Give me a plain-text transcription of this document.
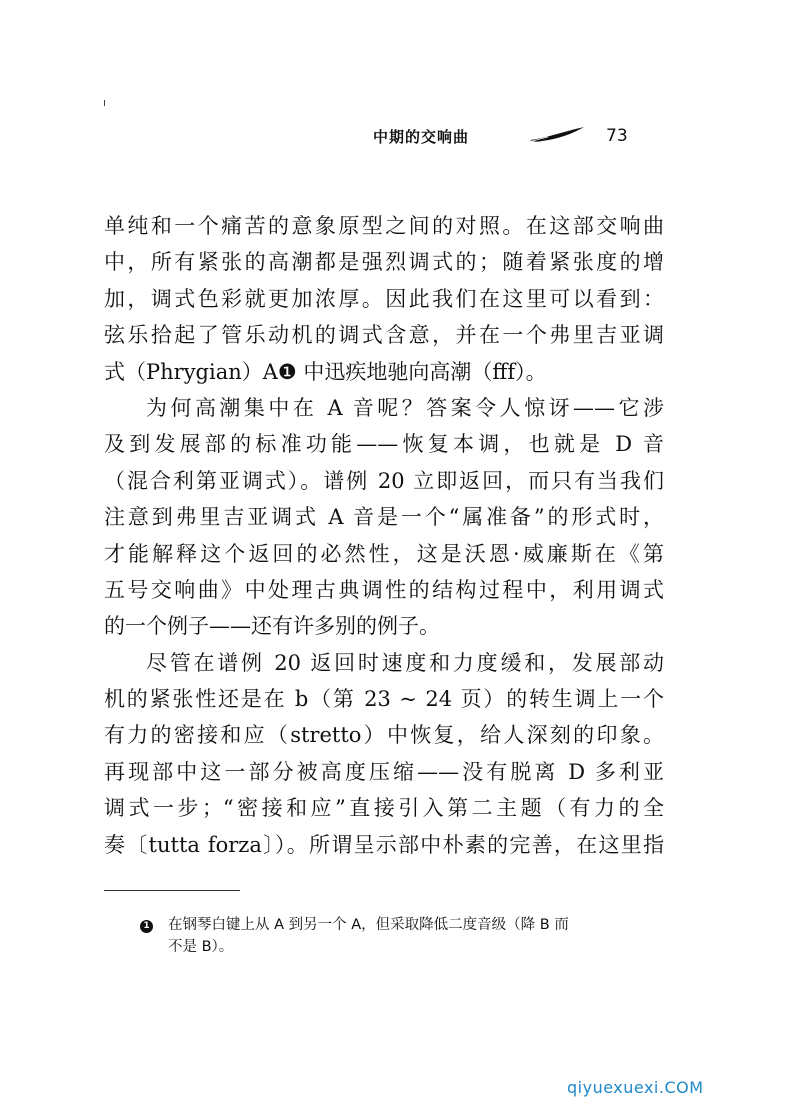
中期的交响曲	73
单纯和一个痛苦的意象原型之间的对照。在这部交响曲
中，所有紧张的高潮都是强烈调式的；随着紧张度的增
加，调式色彩就更加浓厚。因此我们在这里可以看到：
弦乐拾起了管乐动机的调式含意，并在一个弗里吉亚调
式（Phrygian）A❶ 中迅疾地驰向高潮（fff）。
为何高潮集中在 A 音呢？答案令人惊讶——它涉
及到发展部的标准功能——恢复本调，也就是 D 音
（混合利第亚调式）。谱例 20 立即返回，而只有当我们
注意到弗里吉亚调式 A 音是一个“属准备”的形式时，
才能解释这个返回的必然性，这是沃恩·威廉斯在《第
五号交响曲》中处理古典调性的结构过程中，利用调式
的一个例子——还有许多别的例子。
尽管在谱例 20 返回时速度和力度缓和，发展部动
机的紧张性还是在 b（第 23 ~ 24 页）的转生调上一个
有力的密接和应（stretto）中恢复，给人深刻的印象。
再现部中这一部分被高度压缩——没有脱离 D 多利亚
调式一步；“密接和应”直接引入第二主题（有力的全
奏〔tutta forza〕）。所谓呈示部中朴素的完善，在这里指
1 在钢琴白键上从 A 到另一个 A，但采取降低二度音级（降 B 而
不是 B）。
qiyuexuexi.COM
